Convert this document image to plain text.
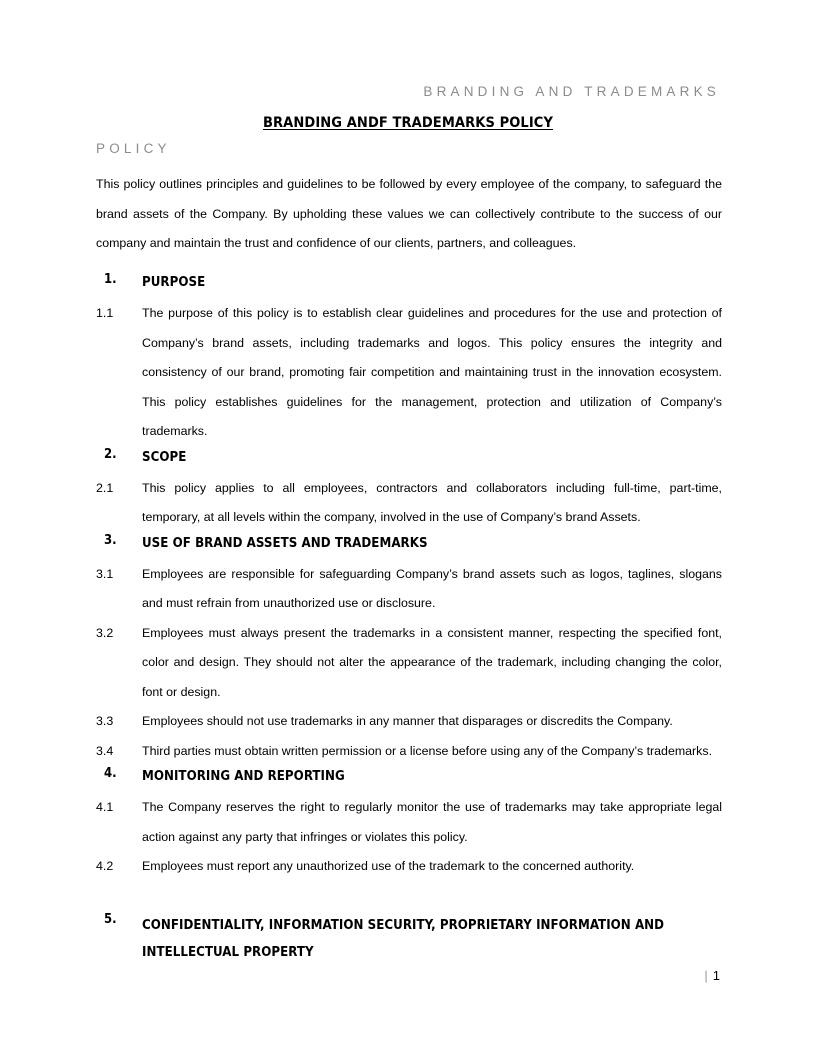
BRANDING AND TRADEMARKS

POLICY

BRANDING ANDF TRADEMARKS POLICY
This policy outlines principles and guidelines to be followed by every employee of the company, to safeguard the brand assets of the Company. By upholding these values we can collectively contribute to the success of our company and maintain the trust and confidence of our clients, partners, and colleagues.
1.	PURPOSE
1.1	The purpose of this policy is to establish clear guidelines and procedures for the use and protection of Company’s brand assets, including trademarks and logos. This policy ensures the integrity and consistency of our brand, promoting fair competition and maintaining trust in the innovation ecosystem. This policy establishes guidelines for the management, protection and utilization of Company’s trademarks.
2.	SCOPE
2.1	This policy applies to all employees, contractors and collaborators including full-time, part-time, temporary, at all levels within the company, involved in the use of Company’s brand Assets.
3.	USE OF BRAND ASSETS AND TRADEMARKS
3.1	Employees are responsible for safeguarding Company’s brand assets such as logos, taglines, slogans and must refrain from unauthorized use or disclosure.
3.2	Employees must always present the trademarks in a consistent manner, respecting the specified font, color and design. They should not alter the appearance of the trademark, including changing the color, font or design.
3.3	Employees should not use trademarks in any manner that disparages or discredits the Company.
3.4	Third parties must obtain written permission or a license before using any of the Company’s trademarks.
4.	MONITORING AND REPORTING
4.1	The Company reserves the right to regularly monitor the use of trademarks may take appropriate legal action against any party that infringes or violates this policy.
4.2	Employees must report any unauthorized use of the trademark to the concerned authority.
5.	CONFIDENTIALITY, INFORMATION SECURITY, PROPRIETARY INFORMATION AND INTELLECTUAL PROPERTY
| 1
